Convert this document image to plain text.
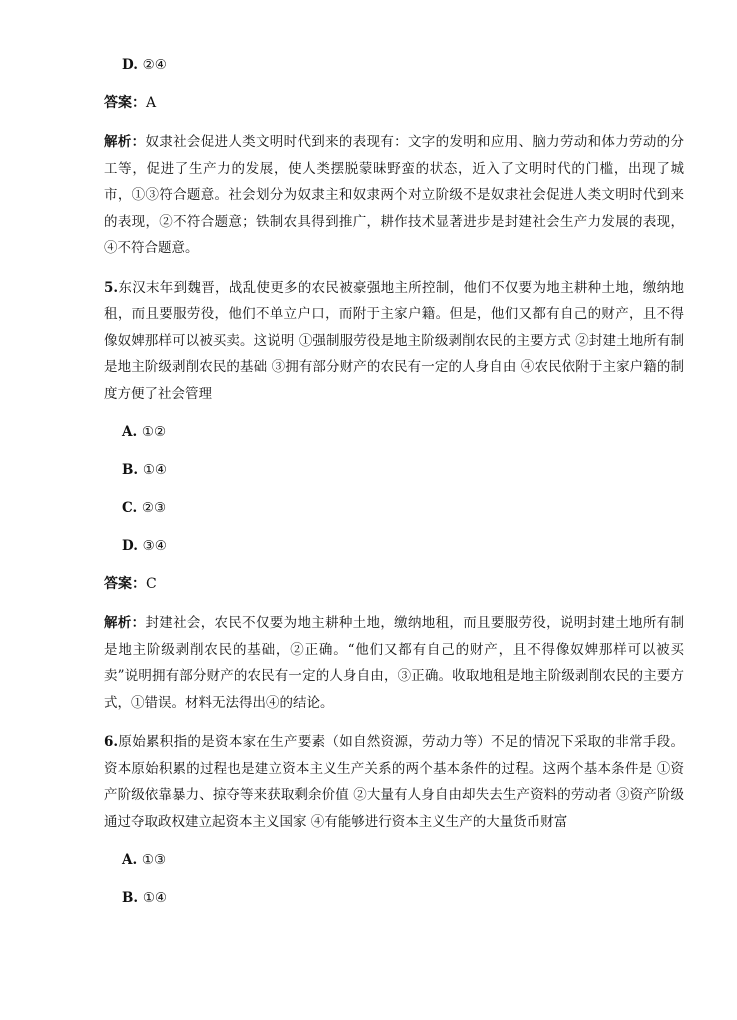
D. ②④

答案：A

解析：奴隶社会促进人类文明时代到来的表现有：文字的发明和应用、脑力劳动和体力劳动的分工等，促进了生产力的发展，使人类摆脱蒙昧野蛮的状态，近入了文明时代的门槛，出现了城市，①③符合题意。社会划分为奴隶主和奴隶两个对立阶级不是奴隶社会促进人类文明时代到来的表现，②不符合题意；铁制农具得到推广，耕作技术显著进步是封建社会生产力发展的表现，④不符合题意。

5.东汉末年到魏晋，战乱使更多的农民被豪强地主所控制，他们不仅要为地主耕种土地，缴纳地租，而且要服劳役，他们不单立户口，而附于主家户籍。但是，他们又都有自己的财产，且不得像奴婢那样可以被买卖。这说明 ①强制服劳役是地主阶级剥削农民的主要方式 ②封建土地所有制是地主阶级剥削农民的基础 ③拥有部分财产的农民有一定的人身自由 ④农民依附于主家户籍的制度方便了社会管理

A. ①②

B. ①④

C. ②③

D. ③④

答案：C

解析：封建社会，农民不仅要为地主耕种土地，缴纳地租，而且要服劳役，说明封建土地所有制是地主阶级剥削农民的基础，②正确。“他们又都有自己的财产，且不得像奴婢那样可以被买卖”说明拥有部分财产的农民有一定的人身自由，③正确。收取地租是地主阶级剥削农民的主要方式，①错误。材料无法得出④的结论。

6.原始累积指的是资本家在生产要素（如自然资源，劳动力等）不足的情况下采取的非常手段。资本原始积累的过程也是建立资本主义生产关系的两个基本条件的过程。这两个基本条件是 ①资产阶级依靠暴力、掠夺等来获取剩余价值 ②大量有人身自由却失去生产资料的劳动者 ③资产阶级通过夺取政权建立起资本主义国家 ④有能够进行资本主义生产的大量货币财富

A. ①③

B. ①④
